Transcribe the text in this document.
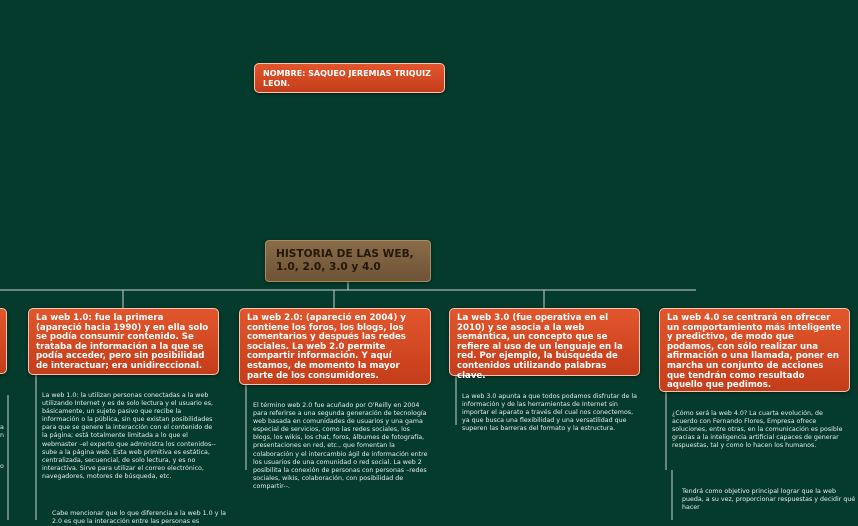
a
n
o
NOMBRE: SAQUEO JEREMIAS TRIQUIZ LEON.
HISTORIA DE LAS WEB, 1.0, 2.0, 3.0 y 4.0
La web 1.0: fue la primera (apareció hacia 1990) y en ella solo se podía consumir contenido. Se trataba de información a la que se podía acceder, pero sin posibilidad de interactuar; era unidireccional.
La web 1.0: la utilizan personas conectadas a la web utilizando Internet y es de solo lectura y el usuario es, básicamente, un sujeto pasivo que recibe la información o la pública, sin que existan posibilidades para que se genere la interacción con el contenido de la página; está totalmente limitada a lo que el webmaster –el experto que administra los contenidos-- sube a la página web. Esta web primitiva es estática, centralizada, secuencial, de solo lectura, y es no interactiva. Sirve para utilizar el correo electrónico, navegadores, motores de búsqueda, etc.
Cabe mencionar que lo que diferencia a la web 1.0 y la 2.0 es que la interacción entre las personas es
La web 2.0: (apareció en 2004) y contiene los foros, los blogs, los comentarios y después las redes sociales. La web 2.0 permite compartir información. Y aquí estamos, de momento la mayor parte de los consumidores.
El término web 2.0 fue acuñado por O'Reilly en 2004 para referirse a una segunda generación de tecnología web basada en comunidades de usuarios y una gama especial de servicios, como las redes sociales, los blogs, los wikis, los chat, foros, álbumes de fotografía, presentaciones en red, etc., que fomentan la colaboración y el intercambio ágil de información entre los usuarios de una comunidad o red social. La web 2 posibilita la conexión de personas con personas –redes sociales, wikis, colaboración, con posibilidad de compartir--.
La web 3.0 (fue operativa en el 2010) y se asocia a la web semántica, un concepto que se refiere al uso de un lenguaje en la red. Por ejemplo, la búsqueda de contenidos utilizando palabras clave.
La web 3.0 apunta a que todos podamos disfrutar de la información y de las herramientas de Internet sin importar el aparato a través del cual nos conectemos, ya que busca una flexibilidad y una versatilidad que superen las barreras del formato y la estructura.
La web 4.0 se centrará en ofrecer un comportamiento más inteligente y predictivo, de modo que podamos, con sólo realizar una afirmación o una llamada, poner en marcha un conjunto de acciones que tendrán como resultado aquello que pedimos.
¿Cómo será la web 4.0? La cuarta evolución, de acuerdo con Fernando Flores, Empresa ofrece soluciones, entre otras, en la comunicación es posible gracias a la inteligencia artificial capaces de generar respuestas, tal y como lo hacen los humanos.
Tendrá como objetivo principal lograr que la web pueda, a su vez, proporcionar respuestas y decidir qué hacer
